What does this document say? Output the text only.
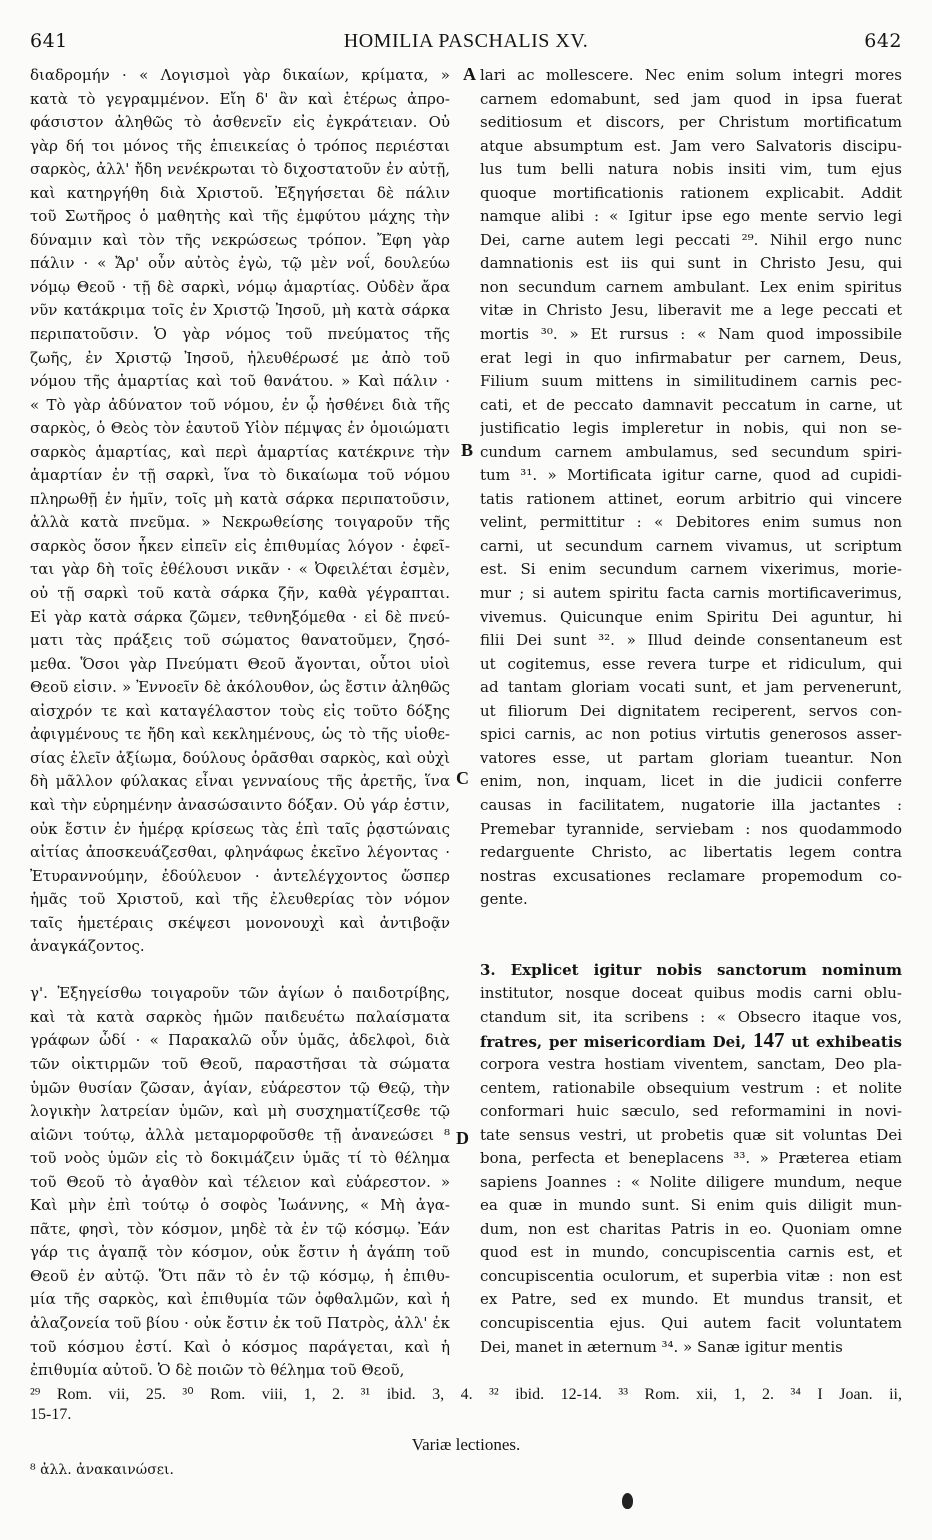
641	HOMILIA PASCHALIS XV.	642
διαδρομήν · « Λογισμοὶ γὰρ δικαίων, κρίματα, »
κατὰ τὸ γεγραμμένον. Εἴη δ' ἂν καὶ ἑτέρως ἀπρο-
φάσιστον ἀληθῶς τὸ ἀσθενεῖν εἰς ἐγκράτειαν. Οὐ
γὰρ δή τοι μόνος τῆς ἐπιεικείας ὁ τρόπος περιέσται
σαρκὸς, ἀλλ' ἤδη νενέκρωται τὸ διχοστατοῦν ἐν αὐτῇ,
καὶ κατηργήθη διὰ Χριστοῦ. Ἐξηγήσεται δὲ πάλιν
τοῦ Σωτῆρος ὁ μαθητὴς καὶ τῆς ἐμφύτου μάχης τὴν
δύναμιν καὶ τὸν τῆς νεκρώσεως τρόπον. Ἔφη γὰρ
πάλιν · « Ἄρ' οὖν αὐτὸς ἐγὼ, τῷ μὲν νοΐ, δουλεύω
νόμῳ Θεοῦ · τῇ δὲ σαρκὶ, νόμῳ ἁμαρτίας. Οὐδὲν ἄρα
νῦν κατάκριμα τοῖς ἐν Χριστῷ Ἰησοῦ, μὴ κατὰ σάρκα
περιπατοῦσιν. Ὁ γὰρ νόμος τοῦ πνεύματος τῆς
ζωῆς, ἐν Χριστῷ Ἰησοῦ, ἠλευθέρωσέ με ἀπὸ τοῦ
νόμου τῆς ἁμαρτίας καὶ τοῦ θανάτου. » Καὶ πάλιν ·
« Τὸ γὰρ ἀδύνατον τοῦ νόμου, ἐν ᾧ ἠσθένει διὰ τῆς
σαρκὸς, ὁ Θεὸς τὸν ἑαυτοῦ Υἱὸν πέμψας ἐν ὁμοιώματι
σαρκὸς ἁμαρτίας, καὶ περὶ ἁμαρτίας κατέκρινε τὴν
ἁμαρτίαν ἐν τῇ σαρκὶ, ἵνα τὸ δικαίωμα τοῦ νόμου
πληρωθῇ ἐν ἡμῖν, τοῖς μὴ κατὰ σάρκα περιπατοῦσιν,
ἀλλὰ κατὰ πνεῦμα. » Νεκρωθείσης τοιγαροῦν τῆς
σαρκὸς ὅσον ἧκεν εἰπεῖν εἰς ἐπιθυμίας λόγον · ἐφεῖ-
ται γὰρ δὴ τοῖς ἐθέλουσι νικᾶν · « Ὀφειλέται ἐσμὲν,
οὐ τῇ σαρκὶ τοῦ κατὰ σάρκα ζῆν, καθὰ γέγραπται.
Εἰ γὰρ κατὰ σάρκα ζῶμεν, τεθνηξόμεθα · εἰ δὲ πνεύ-
ματι τὰς πράξεις τοῦ σώματος θανατοῦμεν, ζησό-
μεθα. Ὅσοι γὰρ Πνεύματι Θεοῦ ἄγονται, οὗτοι υἱοὶ
Θεοῦ εἰσιν. » Ἐννοεῖν δὲ ἀκόλουθον, ὡς ἔστιν ἀληθῶς
αἰσχρόν τε καὶ καταγέλαστον τοὺς εἰς τοῦτο δόξης
ἀφιγμένους τε ἤδη καὶ κεκλημένους, ὡς τὸ τῆς υἱοθε-
σίας ἑλεῖν ἀξίωμα, δούλους ὁρᾶσθαι σαρκὸς, καὶ οὐχὶ
δὴ μᾶλλον φύλακας εἶναι γενναίους τῆς ἀρετῆς, ἵνα
καὶ τὴν εὑρημένην ἀνασώσαιντο δόξαν. Οὐ γάρ ἐστιν,
οὐκ ἔστιν ἐν ἡμέρᾳ κρίσεως τὰς ἐπὶ ταῖς ῥᾳστώναις
αἰτίας ἀποσκευάζεσθαι, φληνάφως ἐκεῖνο λέγοντας ·
Ἐτυραννούμην, ἐδούλευον · ἀντελέγχοντος ὥσπερ
ἡμᾶς τοῦ Χριστοῦ, καὶ τῆς ἐλευθερίας τὸν νόμον
ταῖς ἡμετέραις σκέψεσι μονονουχὶ καὶ ἀντιβοᾷν
ἀναγκάζοντος.
γ'. Ἐξηγείσθω τοιγαροῦν τῶν ἁγίων ὁ παιδοτρίβης,
καὶ τὰ κατὰ σαρκὸς ἡμῶν παιδευέτω παλαίσματα
γράφων ὧδί · « Παρακαλῶ οὖν ὑμᾶς, ἀδελφοὶ, διὰ
τῶν οἰκτιρμῶν τοῦ Θεοῦ, παραστῆσαι τὰ σώματα
ὑμῶν θυσίαν ζῶσαν, ἁγίαν, εὐάρεστον τῷ Θεῷ, τὴν
λογικὴν λατρείαν ὑμῶν, καὶ μὴ συσχηματίζεσθε τῷ
αἰῶνι τούτῳ, ἀλλὰ μεταμορφοῦσθε τῇ ἀνανεώσει ⁸
τοῦ νοὸς ὑμῶν εἰς τὸ δοκιμάζειν ὑμᾶς τί τὸ θέλημα
τοῦ Θεοῦ τὸ ἀγαθὸν καὶ τέλειον καὶ εὐάρεστον. »
Καὶ μὴν ἐπὶ τούτῳ ὁ σοφὸς Ἰωάννης, « Μὴ ἀγα-
πᾶτε, φησὶ, τὸν κόσμον, μηδὲ τὰ ἐν τῷ κόσμῳ. Ἐάν
γάρ τις ἀγαπᾷ τὸν κόσμον, οὐκ ἔστιν ἡ ἀγάπη τοῦ
Θεοῦ ἐν αὐτῷ. Ὅτι πᾶν τὸ ἐν τῷ κόσμῳ, ἡ ἐπιθυ-
μία τῆς σαρκὸς, καὶ ἐπιθυμία τῶν ὀφθαλμῶν, καὶ ἡ
ἀλαζονεία τοῦ βίου · οὐκ ἔστιν ἐκ τοῦ Πατρὸς, ἀλλ' ἐκ
τοῦ κόσμου ἐστί. Καὶ ὁ κόσμος παράγεται, καὶ ἡ
ἐπιθυμία αὐτοῦ. Ὁ δὲ ποιῶν τὸ θέλημα τοῦ Θεοῦ,
lari ac mollescere. Nec enim solum integri mores
carnem edomabunt, sed jam quod in ipsa fuerat
seditiosum et discors, per Christum mortificatum
atque absumptum est. Jam vero Salvatoris discipu-
lus tum belli natura nobis insiti vim, tum ejus
quoque mortificationis rationem explicabit. Addit
namque alibi : « Igitur ipse ego mente servio legi
Dei, carne autem legi peccati ²⁹. Nihil ergo nunc
damnationis est iis qui sunt in Christo Jesu, qui
non secundum carnem ambulant. Lex enim spiritus
vitæ in Christo Jesu, liberavit me a lege peccati et
mortis ³⁰. » Et rursus : « Nam quod impossibile
erat legi in quo infirmabatur per carnem, Deus,
Filium suum mittens in similitudinem carnis pec-
cati, et de peccato damnavit peccatum in carne, ut
justificatio legis impleretur in nobis, qui non se-
cundum carnem ambulamus, sed secundum spiri-
tum ³¹. » Mortificata igitur carne, quod ad cupidi-
tatis rationem attinet, eorum arbitrio qui vincere
velint, permittitur : « Debitores enim sumus non
carni, ut secundum carnem vivamus, ut scriptum
est. Si enim secundum carnem vixerimus, morie-
mur ; si autem spiritu facta carnis mortificaverimus,
vivemus. Quicunque enim Spiritu Dei aguntur, hi
filii Dei sunt ³². » Illud deinde consentaneum est
ut cogitemus, esse revera turpe et ridiculum, qui
ad tantam gloriam vocati sunt, et jam pervenerunt,
ut filiorum Dei dignitatem reciperent, servos con-
spici carnis, ac non potius virtutis generosos asser-
vatores esse, ut partam gloriam tueantur. Non
enim, non, inquam, licet in die judicii conferre
causas in facilitatem, nugatorie illa jactantes :
Premebar tyrannide, serviebam : nos quodammodo
redarguente Christo, ac libertatis legem contra
nostras excusationes reclamare propemodum co-
gente.
3. Explicet igitur nobis sanctorum nominum
institutor, nosque doceat quibus modis carni oblu-
ctandum sit, ita scribens : « Obsecro itaque vos,
fratres, per misericordiam Dei, 147 ut exhibeatis
corpora vestra hostiam viventem, sanctam, Deo pla-
centem, rationabile obsequium vestrum : et nolite
conformari huic sæculo, sed reformamini in novi-
tate sensus vestri, ut probetis quæ sit voluntas Dei
bona, perfecta et beneplacens ³³. » Præterea etiam
sapiens Joannes : « Nolite diligere mundum, neque
ea quæ in mundo sunt. Si enim quis diligit mun-
dum, non est charitas Patris in eo. Quoniam omne
quod est in mundo, concupiscentia carnis est, et
concupiscentia oculorum, et superbia vitæ : non est
ex Patre, sed ex mundo. Et mundus transit, et
concupiscentia ejus. Qui autem facit voluntatem
Dei, manet in æternum ³⁴. » Sanæ igitur mentis
A
B
C
D
²⁹ Rom. vii, 25. ³⁰ Rom. viii, 1, 2. ³¹ ibid. 3, 4. ³² ibid. 12-14. ³³ Rom. xii, 1, 2. ³⁴ I Joan. ii,
15-17.
Variæ lectiones.
⁸ ἀλλ. ἀνακαινώσει.
